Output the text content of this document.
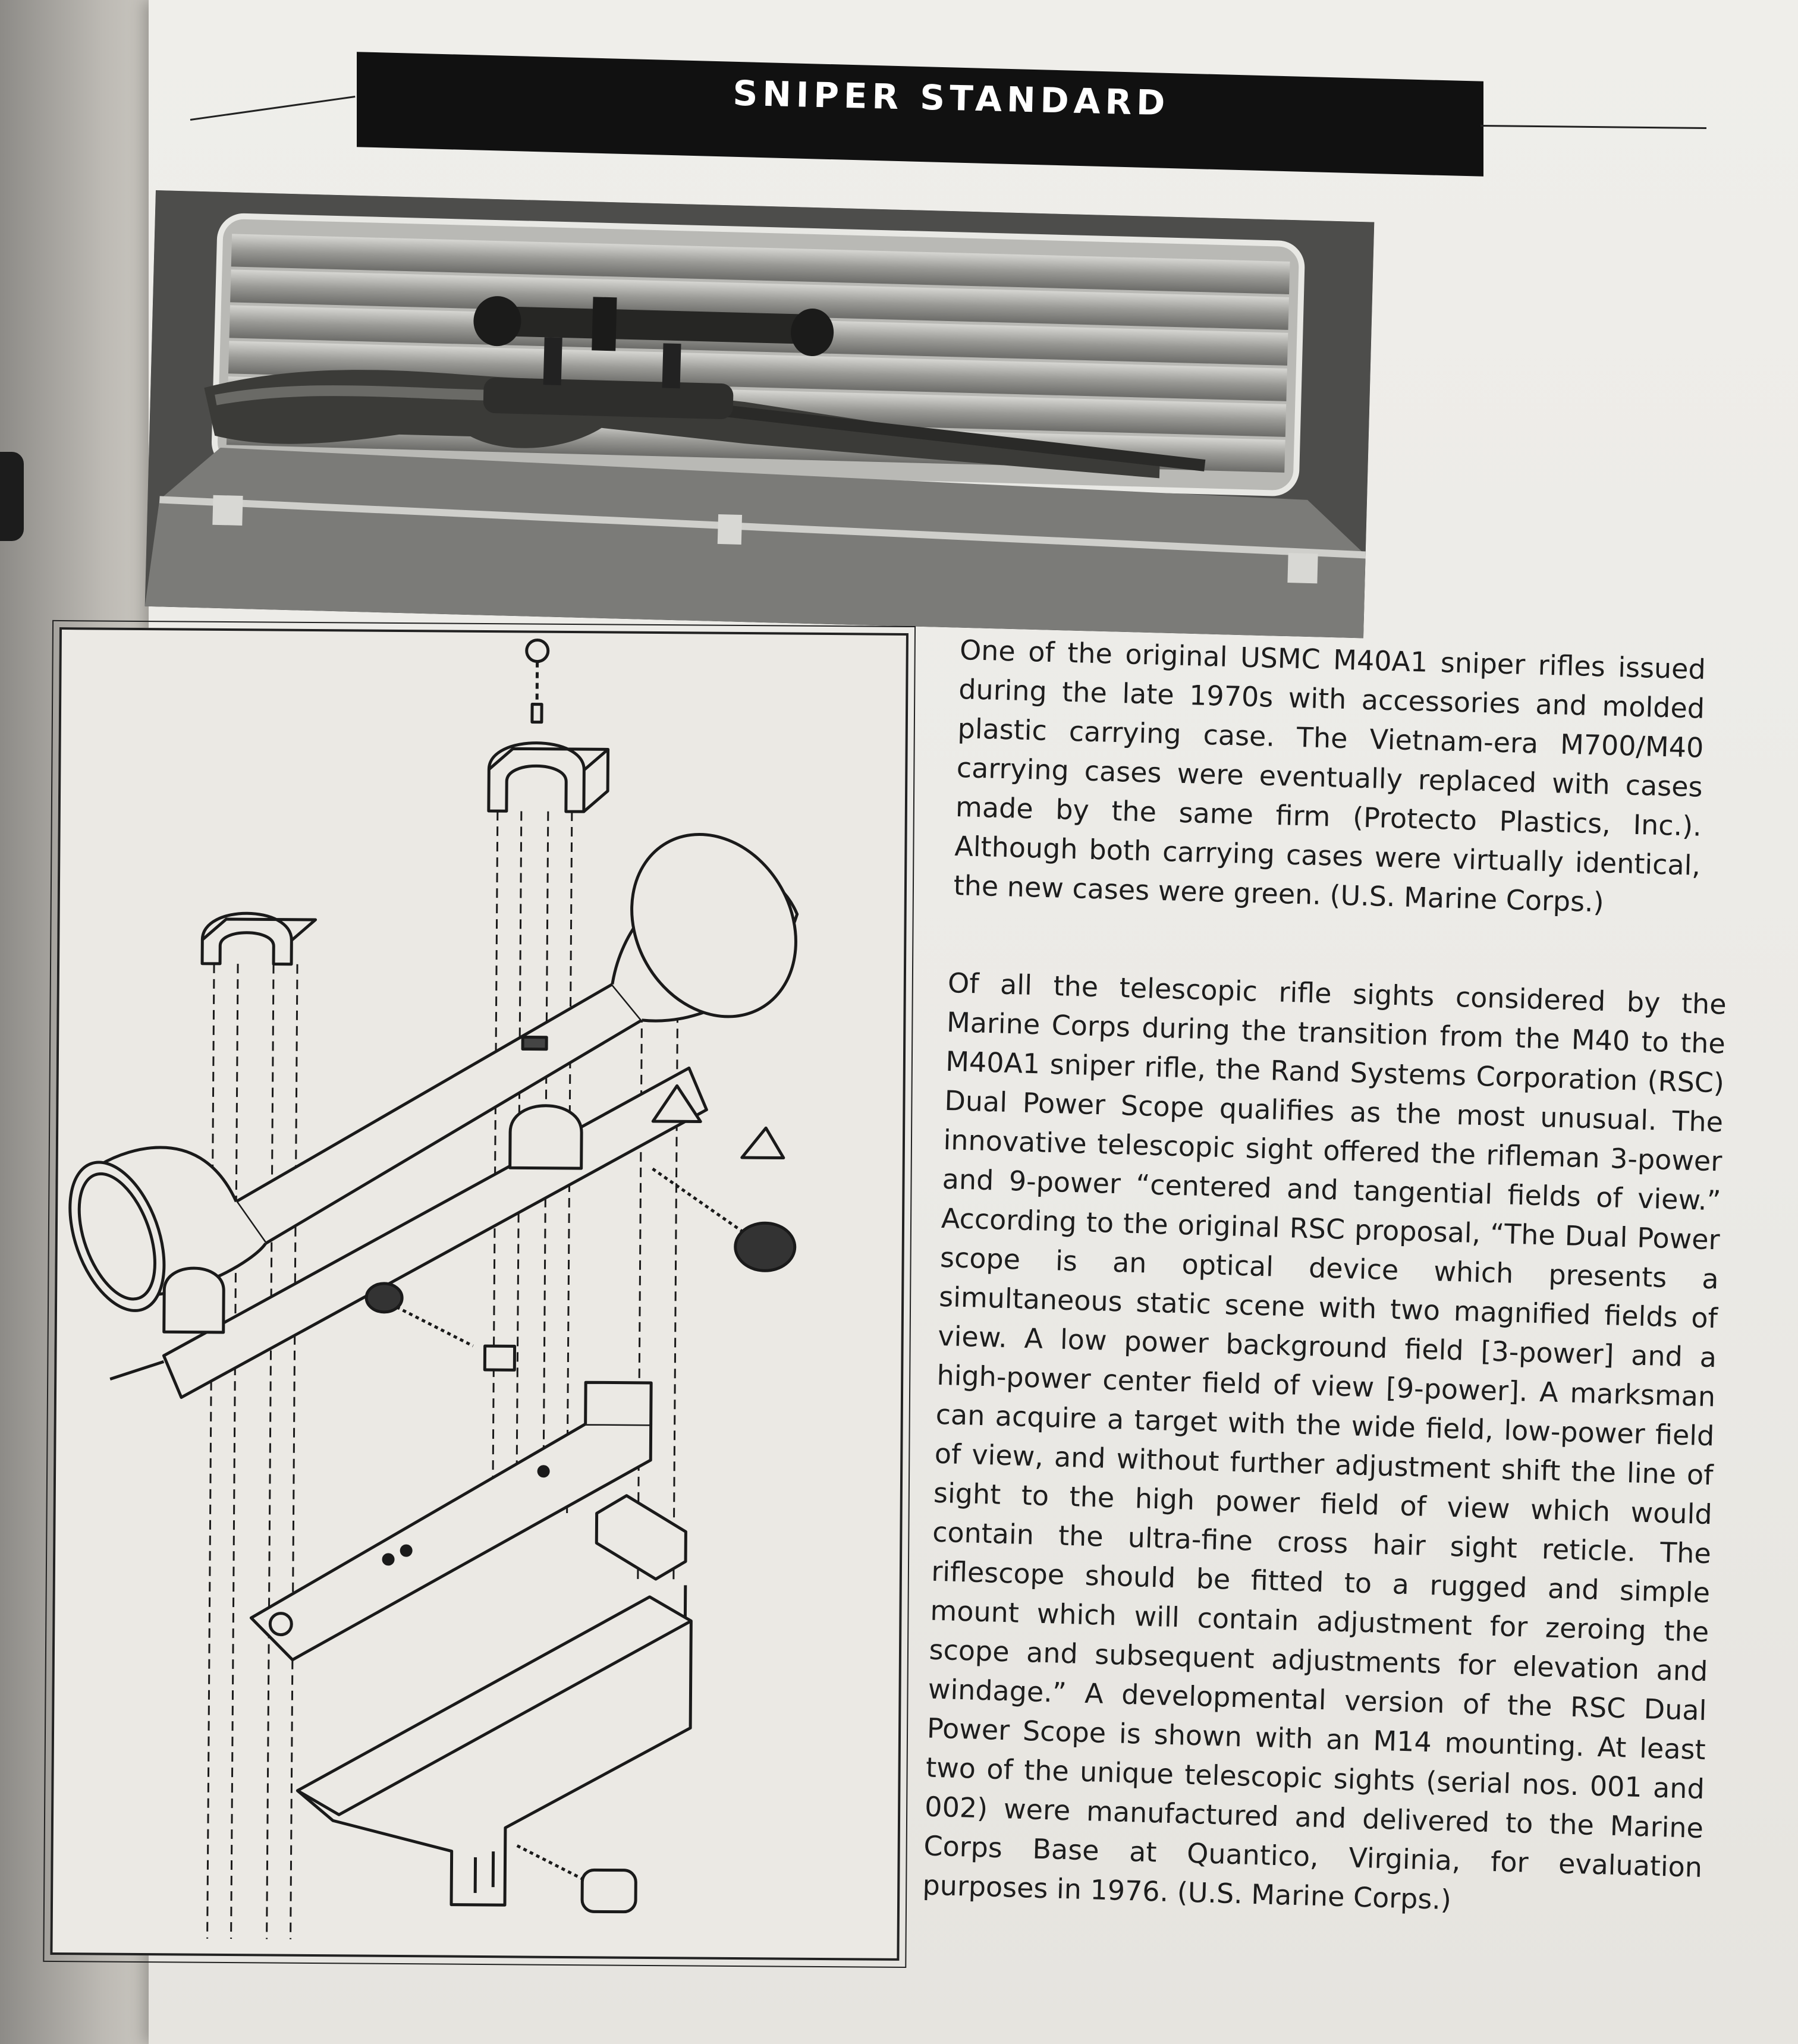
SNIPER STANDARD
One of the original USMC M40A1 sniper rifles issued during the late 1970s with accessories and molded plastic carrying case. The Vietnam-era M700/M40 carrying cases were eventually replaced with cases made by the same firm (Protecto Plastics, Inc.). Although both carrying cases were virtually identical, the new cases were green. (U.S. Marine Corps.)
Of all the telescopic rifle sights considered by the Marine Corps during the transition from the M40 to the M40A1 sniper rifle, the Rand Systems Corporation (RSC) Dual Power Scope qualifies as the most unusual. The innovative telescopic sight offered the rifleman 3-power and 9-power “centered and tangential fields of view.” According to the original RSC proposal, “The Dual Power scope is an optical device which presents a simultaneous static scene with two magnified fields of view. A low power background field [3-power] and a high-power center field of view [9-power]. A marksman can acquire a target with the wide field, low-power field of view, and without further adjustment shift the line of sight to the high power field of view which would contain the ultra-fine cross hair sight reticle. The riflescope should be fitted to a rugged and simple mount which will contain adjustment for zeroing the scope and subsequent adjustments for elevation and windage.” A developmental version of the RSC Dual Power Scope is shown with an M14 mounting. At least two of the unique telescopic sights (serial nos. 001 and 002) were manufactured and delivered to the Marine Corps Base at Quantico, Virginia, for evaluation purposes in 1976. (U.S. Marine Corps.)
